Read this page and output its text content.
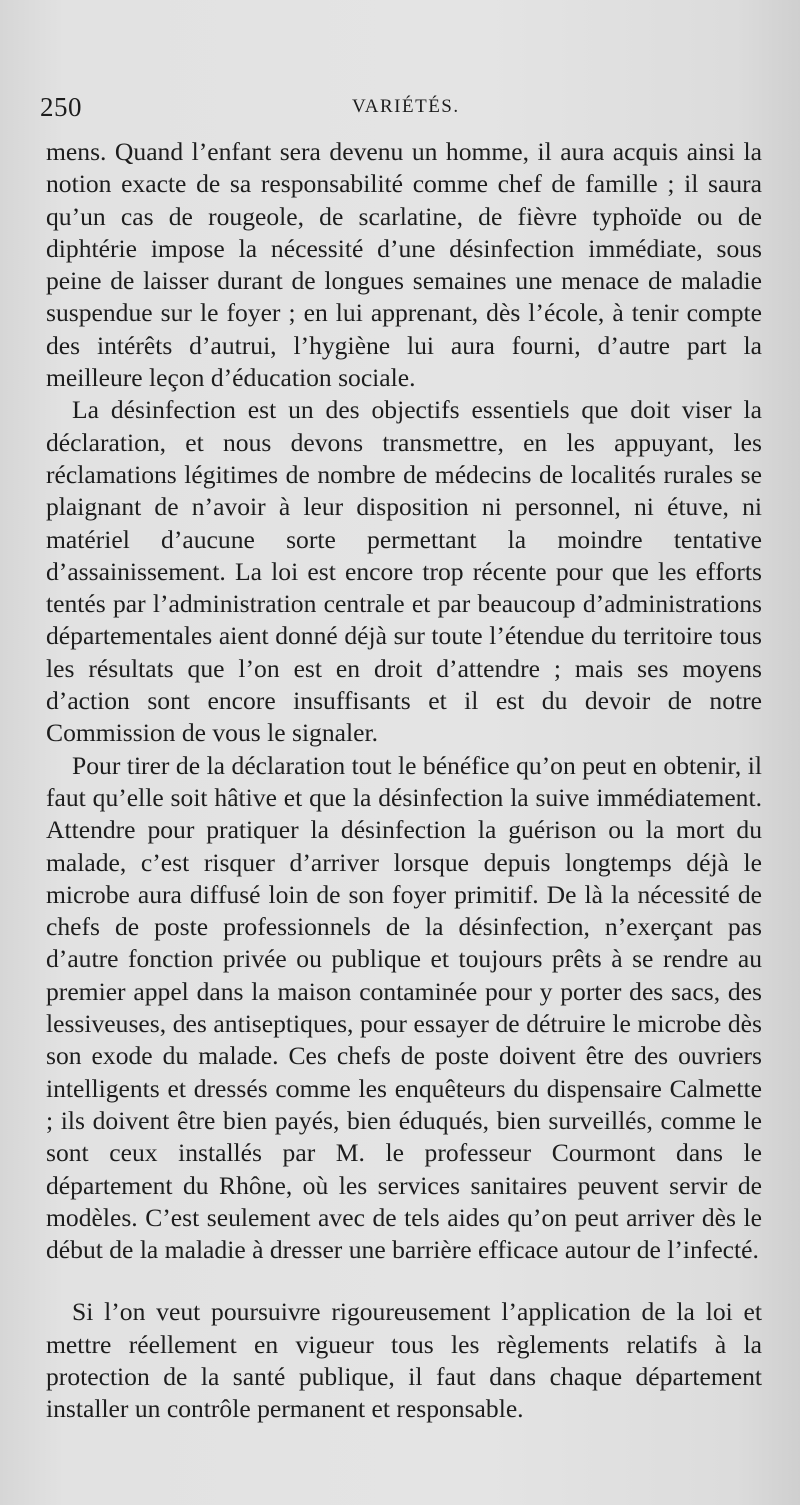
250	VARIÉTÉS.

mens. Quand l’enfant sera devenu un homme, il aura acquis ainsi la notion exacte de sa responsabilité comme chef de famille ; il saura qu’un cas de rougeole, de scarlatine, de fièvre typhoïde ou de diphtérie impose la nécessité d’une désinfection immédiate, sous peine de laisser durant de longues semaines une menace de maladie suspendue sur le foyer ; en lui apprenant, dès l’école, à tenir compte des intérêts d’autrui, l’hygiène lui aura fourni, d’autre part la meilleure leçon d’éducation sociale.

La désinfection est un des objectifs essentiels que doit viser la déclaration, et nous devons transmettre, en les appuyant, les réclamations légitimes de nombre de médecins de localités rurales se plaignant de n’avoir à leur disposition ni personnel, ni étuve, ni matériel d’aucune sorte permettant la moindre tentative d’assainissement. La loi est encore trop récente pour que les efforts tentés par l’administration centrale et par beaucoup d’administrations départementales aient donné déjà sur toute l’étendue du territoire tous les résultats que l’on est en droit d’attendre ; mais ses moyens d’action sont encore insuffisants et il est du devoir de notre Commission de vous le signaler.

Pour tirer de la déclaration tout le bénéfice qu’on peut en obtenir, il faut qu’elle soit hâtive et que la désinfection la suive immédiatement. Attendre pour pratiquer la désinfection la guérison ou la mort du malade, c’est risquer d’arriver lorsque depuis longtemps déjà le microbe aura diffusé loin de son foyer primitif. De là la nécessité de chefs de poste professionnels de la désinfection, n’exerçant pas d’autre fonction privée ou publique et toujours prêts à se rendre au premier appel dans la maison contaminée pour y porter des sacs, des lessiveuses, des antiseptiques, pour essayer de détruire le microbe dès son exode du malade. Ces chefs de poste doivent être des ouvriers intelligents et dressés comme les enquêteurs du dispensaire Calmette ; ils doivent être bien payés, bien éduqués, bien surveillés, comme le sont ceux installés par M. le professeur Courmont dans le département du Rhône, où les services sanitaires peuvent servir de modèles. C’est seulement avec de tels aides qu’on peut arriver dès le début de la maladie à dresser une barrière efficace autour de l’infecté.

Si l’on veut poursuivre rigoureusement l’application de la loi et mettre réellement en vigueur tous les règlements relatifs à la protection de la santé publique, il faut dans chaque département installer un contrôle permanent et responsable.
